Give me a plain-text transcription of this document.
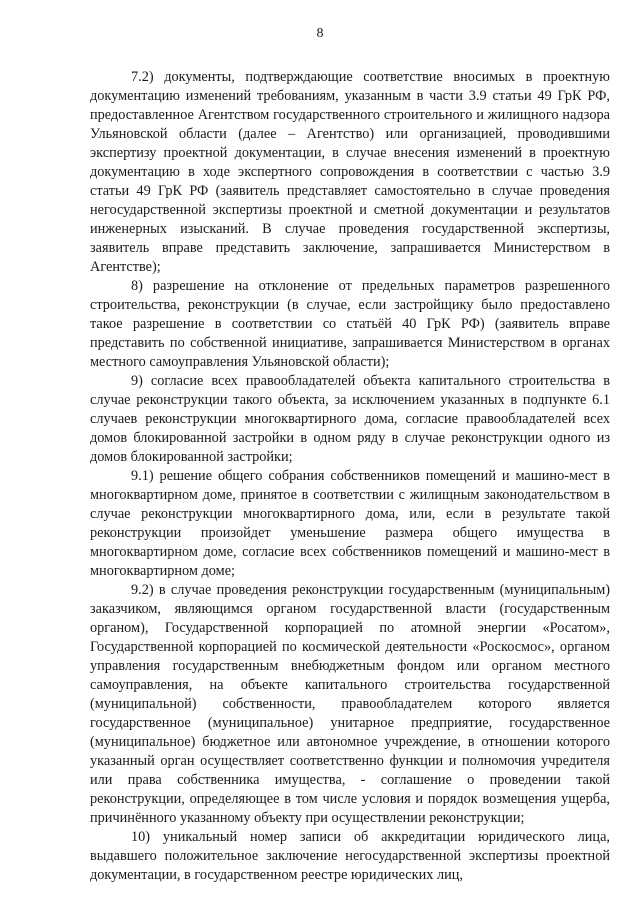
8

7.2) документы, подтверждающие соответствие вносимых в проектную документацию изменений требованиям, указанным в части 3.9 статьи 49 ГрК РФ, предоставленное Агентством государственного строительного и жилищного надзора Ульяновской области (далее – Агентство) или организацией, проводившими экспертизу проектной документации, в случае внесения изменений в проектную документацию в ходе экспертного сопровождения в соответствии с частью 3.9 статьи 49 ГрК РФ (заявитель представляет самостоятельно в случае проведения негосударственной экспертизы проектной и сметной документации и результатов инженерных изысканий. В случае проведения государственной экспертизы, заявитель вправе представить заключение, запрашивается Министерством в Агентстве);

8) разрешение на отклонение от предельных параметров разрешенного строительства, реконструкции (в случае, если застройщику было предоставлено такое разрешение в соответствии со статьёй 40 ГрК РФ) (заявитель вправе представить по собственной инициативе, запрашивается Министерством в органах местного самоуправления Ульяновской области);

9) согласие всех правообладателей объекта капитального строительства в случае реконструкции такого объекта, за исключением указанных в подпункте 6.1 случаев реконструкции многоквартирного дома, согласие правообладателей всех домов блокированной застройки в одном ряду в случае реконструкции одного из домов блокированной застройки;

9.1) решение общего собрания собственников помещений и машино-мест в многоквартирном доме, принятое в соответствии с жилищным законодательством в случае реконструкции многоквартирного дома, или, если в результате такой реконструкции произойдет уменьшение размера общего имущества в многоквартирном доме, согласие всех собственников помещений и машино-мест в многоквартирном доме;

9.2) в случае проведения реконструкции государственным (муниципальным) заказчиком, являющимся органом государственной власти (государственным органом), Государственной корпорацией по атомной энергии «Росатом», Государственной корпорацией по космической деятельности «Роскосмос», органом управления государственным внебюджетным фондом или органом местного самоуправления, на объекте капитального строительства государственной (муниципальной) собственности, правообладателем которого является государственное (муниципальное) унитарное предприятие, государственное (муниципальное) бюджетное или автономное учреждение, в отношении которого указанный орган осуществляет соответственно функции и полномочия учредителя или права собственника имущества, - соглашение о проведении такой реконструкции, определяющее в том числе условия и порядок возмещения ущерба, причинённого указанному объекту при осуществлении реконструкции;

10) уникальный номер записи об аккредитации юридического лица, выдавшего положительное заключение негосударственной экспертизы проектной документации, в государственном реестре юридических лиц,
